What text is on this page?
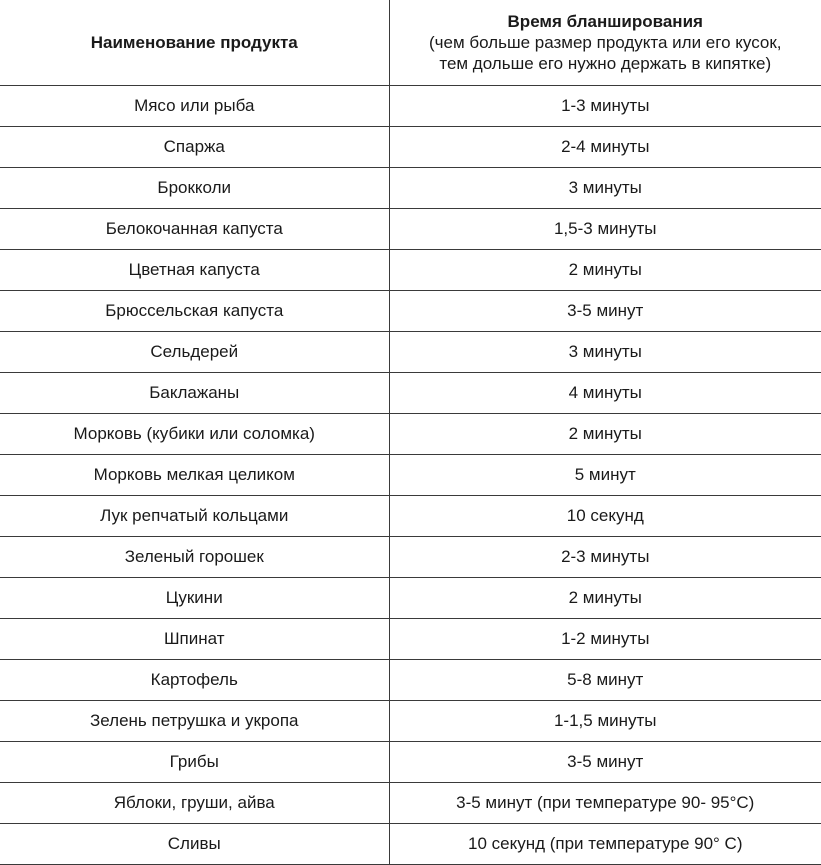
Наименование продукта	Время бланширования
(чем больше размер продукта или его кусок,
тем дольше его нужно держать в кипятке)

Мясо или рыба	1-3 минуты
Спаржа	2-4 минуты
Брокколи	3 минуты
Белокочанная капуста	1,5-3 минуты
Цветная капуста	2 минуты
Брюссельская капуста	3-5 минут
Сельдерей	3 минуты
Баклажаны	4 минуты
Морковь (кубики или соломка)	2 минуты
Морковь мелкая целиком	5 минут
Лук репчатый кольцами	10 секунд
Зеленый горошек	2-3 минуты
Цукини	2 минуты
Шпинат	1-2 минуты
Картофель	5-8 минут
Зелень петрушка и укропа	1-1,5 минуты
Грибы	3-5 минут
Яблоки, груши, айва	3-5 минут (при температуре 90- 95°С)
Сливы	10 секунд (при температуре 90° С)
